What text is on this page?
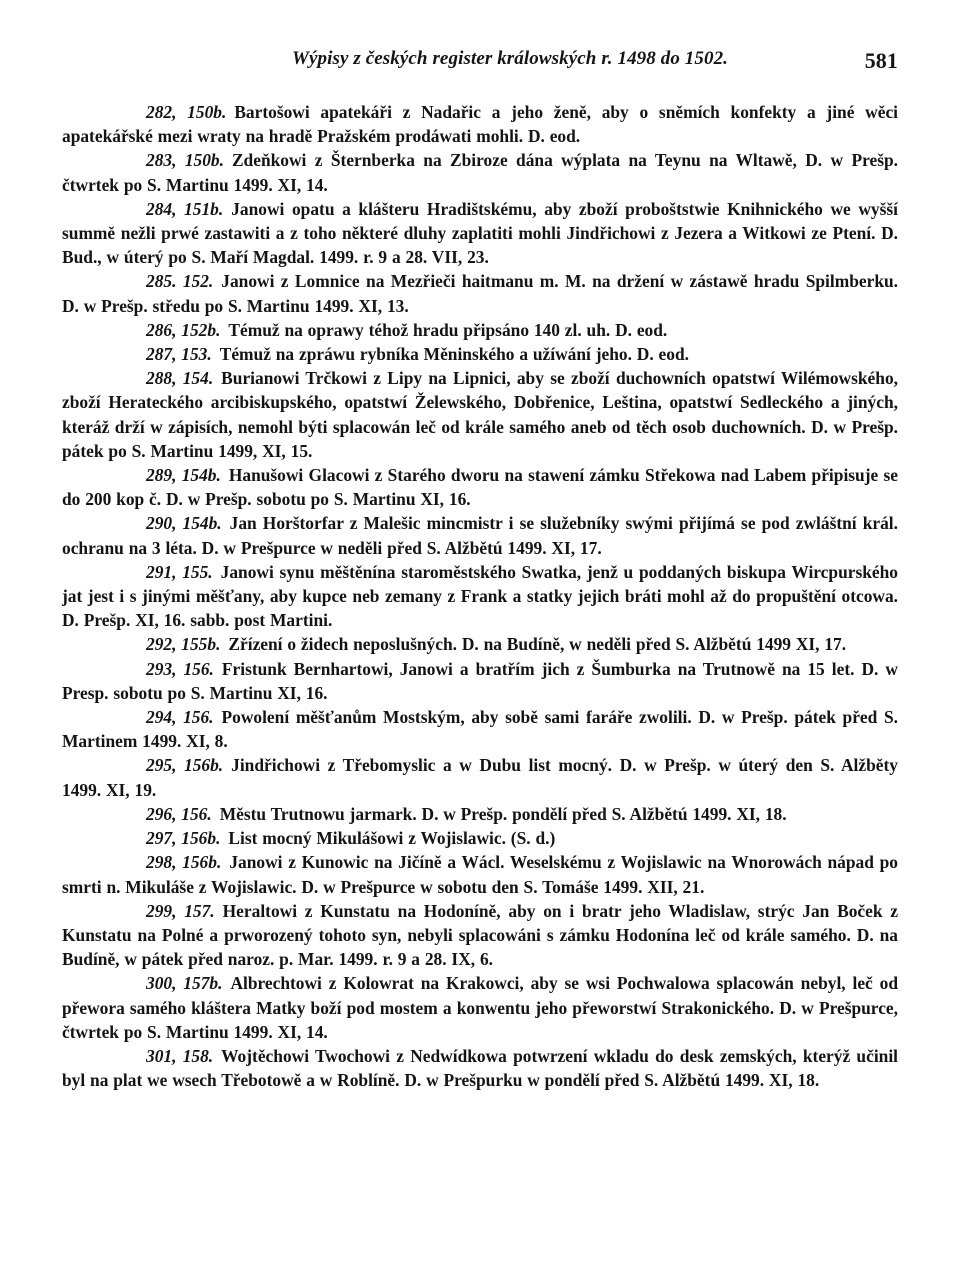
Wýpisy z českých register králowských r. 1498 do 1502.	581

282, 150b. Bartošowi apatekáři z Nadařic a jeho ženě, aby o sněmích konfekty a jiné wěci apatekářské mezi wraty na hradě Pražském prodáwati mohli. D. eod.

283, 150b. Zdeňkowi z Šternberka na Zbiroze dána wýplata na Teynu na Wltawě, D. w Prešp. čtwrtek po S. Martinu 1499. XI, 14.

284, 151b. Janowi opatu a klášteru Hradištskému, aby zboží proboštstwie Knihnického we wyšší summě nežli prwé zastawiti a z toho některé dluhy zaplatiti mohli Jindřichowi z Jezera a Witkowi ze Ptení. D. Bud., w úterý po S. Maří Magdal. 1499. r. 9 a 28. VII, 23.

285. 152. Janowi z Lomnice na Mezřieči haitmanu m. M. na držení w zástawě hradu Spilmberku. D. w Prešp. středu po S. Martinu 1499. XI, 13.

286, 152b. Témuž na oprawy téhož hradu připsáno 140 zl. uh. D. eod.

287, 153. Témuž na zpráwu rybníka Měninského a užíwání jeho. D. eod.

288, 154. Burianowi Trčkowi z Lipy na Lipnici, aby se zboží duchowních opatstwí Wilémowského, zboží Herateckého arcibiskupského, opatstwí Želewského, Dobřenice, Leština, opatstwí Sedleckého a jiných, kteráž drží w zápisích, nemohl býti splacowán leč od krále samého aneb od těch osob duchowních. D. w Prešp. pátek po S. Martinu 1499, XI, 15.

289, 154b. Hanušowi Glacowi z Starého dworu na stawení zámku Střekowa nad Labem připisuje se do 200 kop č. D. w Prešp. sobotu po S. Martinu XI, 16.

290, 154b. Jan Horštorfar z Malešic mincmistr i se služebníky swými přijímá se pod zwláštní král. ochranu na 3 léta. D. w Prešpurce w neděli před S. Alžbětú 1499. XI, 17.

291, 155. Janowi synu měštěnína staroměstského Swatka, jenž u poddaných biskupa Wircpurského jat jest i s jinými měšťany, aby kupce neb zemany z Frank a statky jejich bráti mohl až do propuštění otcowa. D. Prešp. XI, 16. sabb. post Martini.

292, 155b. Zřízení o židech neposlušných. D. na Budíně, w neděli před S. Alžbětú 1499 XI, 17.

293, 156. Fristunk Bernhartowi, Janowi a bratřím jich z Šumburka na Trutnowě na 15 let. D. w Presp. sobotu po S. Martinu XI, 16.

294, 156. Powolení měšťanům Mostským, aby sobě sami faráře zwolili. D. w Prešp. pátek před S. Martinem 1499. XI, 8.

295, 156b. Jindřichowi z Třebomyslic a w Dubu list mocný. D. w Prešp. w úterý den S. Alžběty 1499. XI, 19.

296, 156. Městu Trutnowu jarmark. D. w Prešp. pondělí před S. Alžbětú 1499. XI, 18.

297, 156b. List mocný Mikulášowi z Wojislawic. (S. d.)

298, 156b. Janowi z Kunowic na Jičíně a Wácl. Weselskému z Wojislawic na Wnorowách nápad po smrti n. Mikuláše z Wojislawic. D. w Prešpurce w sobotu den S. Tomáše 1499. XII, 21.

299, 157. Heraltowi z Kunstatu na Hodoníně, aby on i bratr jeho Wladislaw, strýc Jan Boček z Kunstatu na Polné a prworozený tohoto syn, nebyli splacowáni s zámku Hodonína leč od krále samého. D. na Budíně, w pátek před naroz. p. Mar. 1499. r. 9 a 28. IX, 6.

300, 157b. Albrechtowi z Kolowrat na Krakowci, aby se wsi Pochwalowa splacowán nebyl, leč od přewora samého kláštera Matky boží pod mostem a konwentu jeho přeworstwí Strakonického. D. w Prešpurce, čtwrtek po S. Martinu 1499. XI, 14.

301, 158. Wojtěchowi Twochowi z Nedwídkowa potwrzení wkladu do desk zemských, kterýž učinil byl na plat we wsech Třebotowě a w Roblíně. D. w Prešpurku w pondělí před S. Alžbětú 1499. XI, 18.
